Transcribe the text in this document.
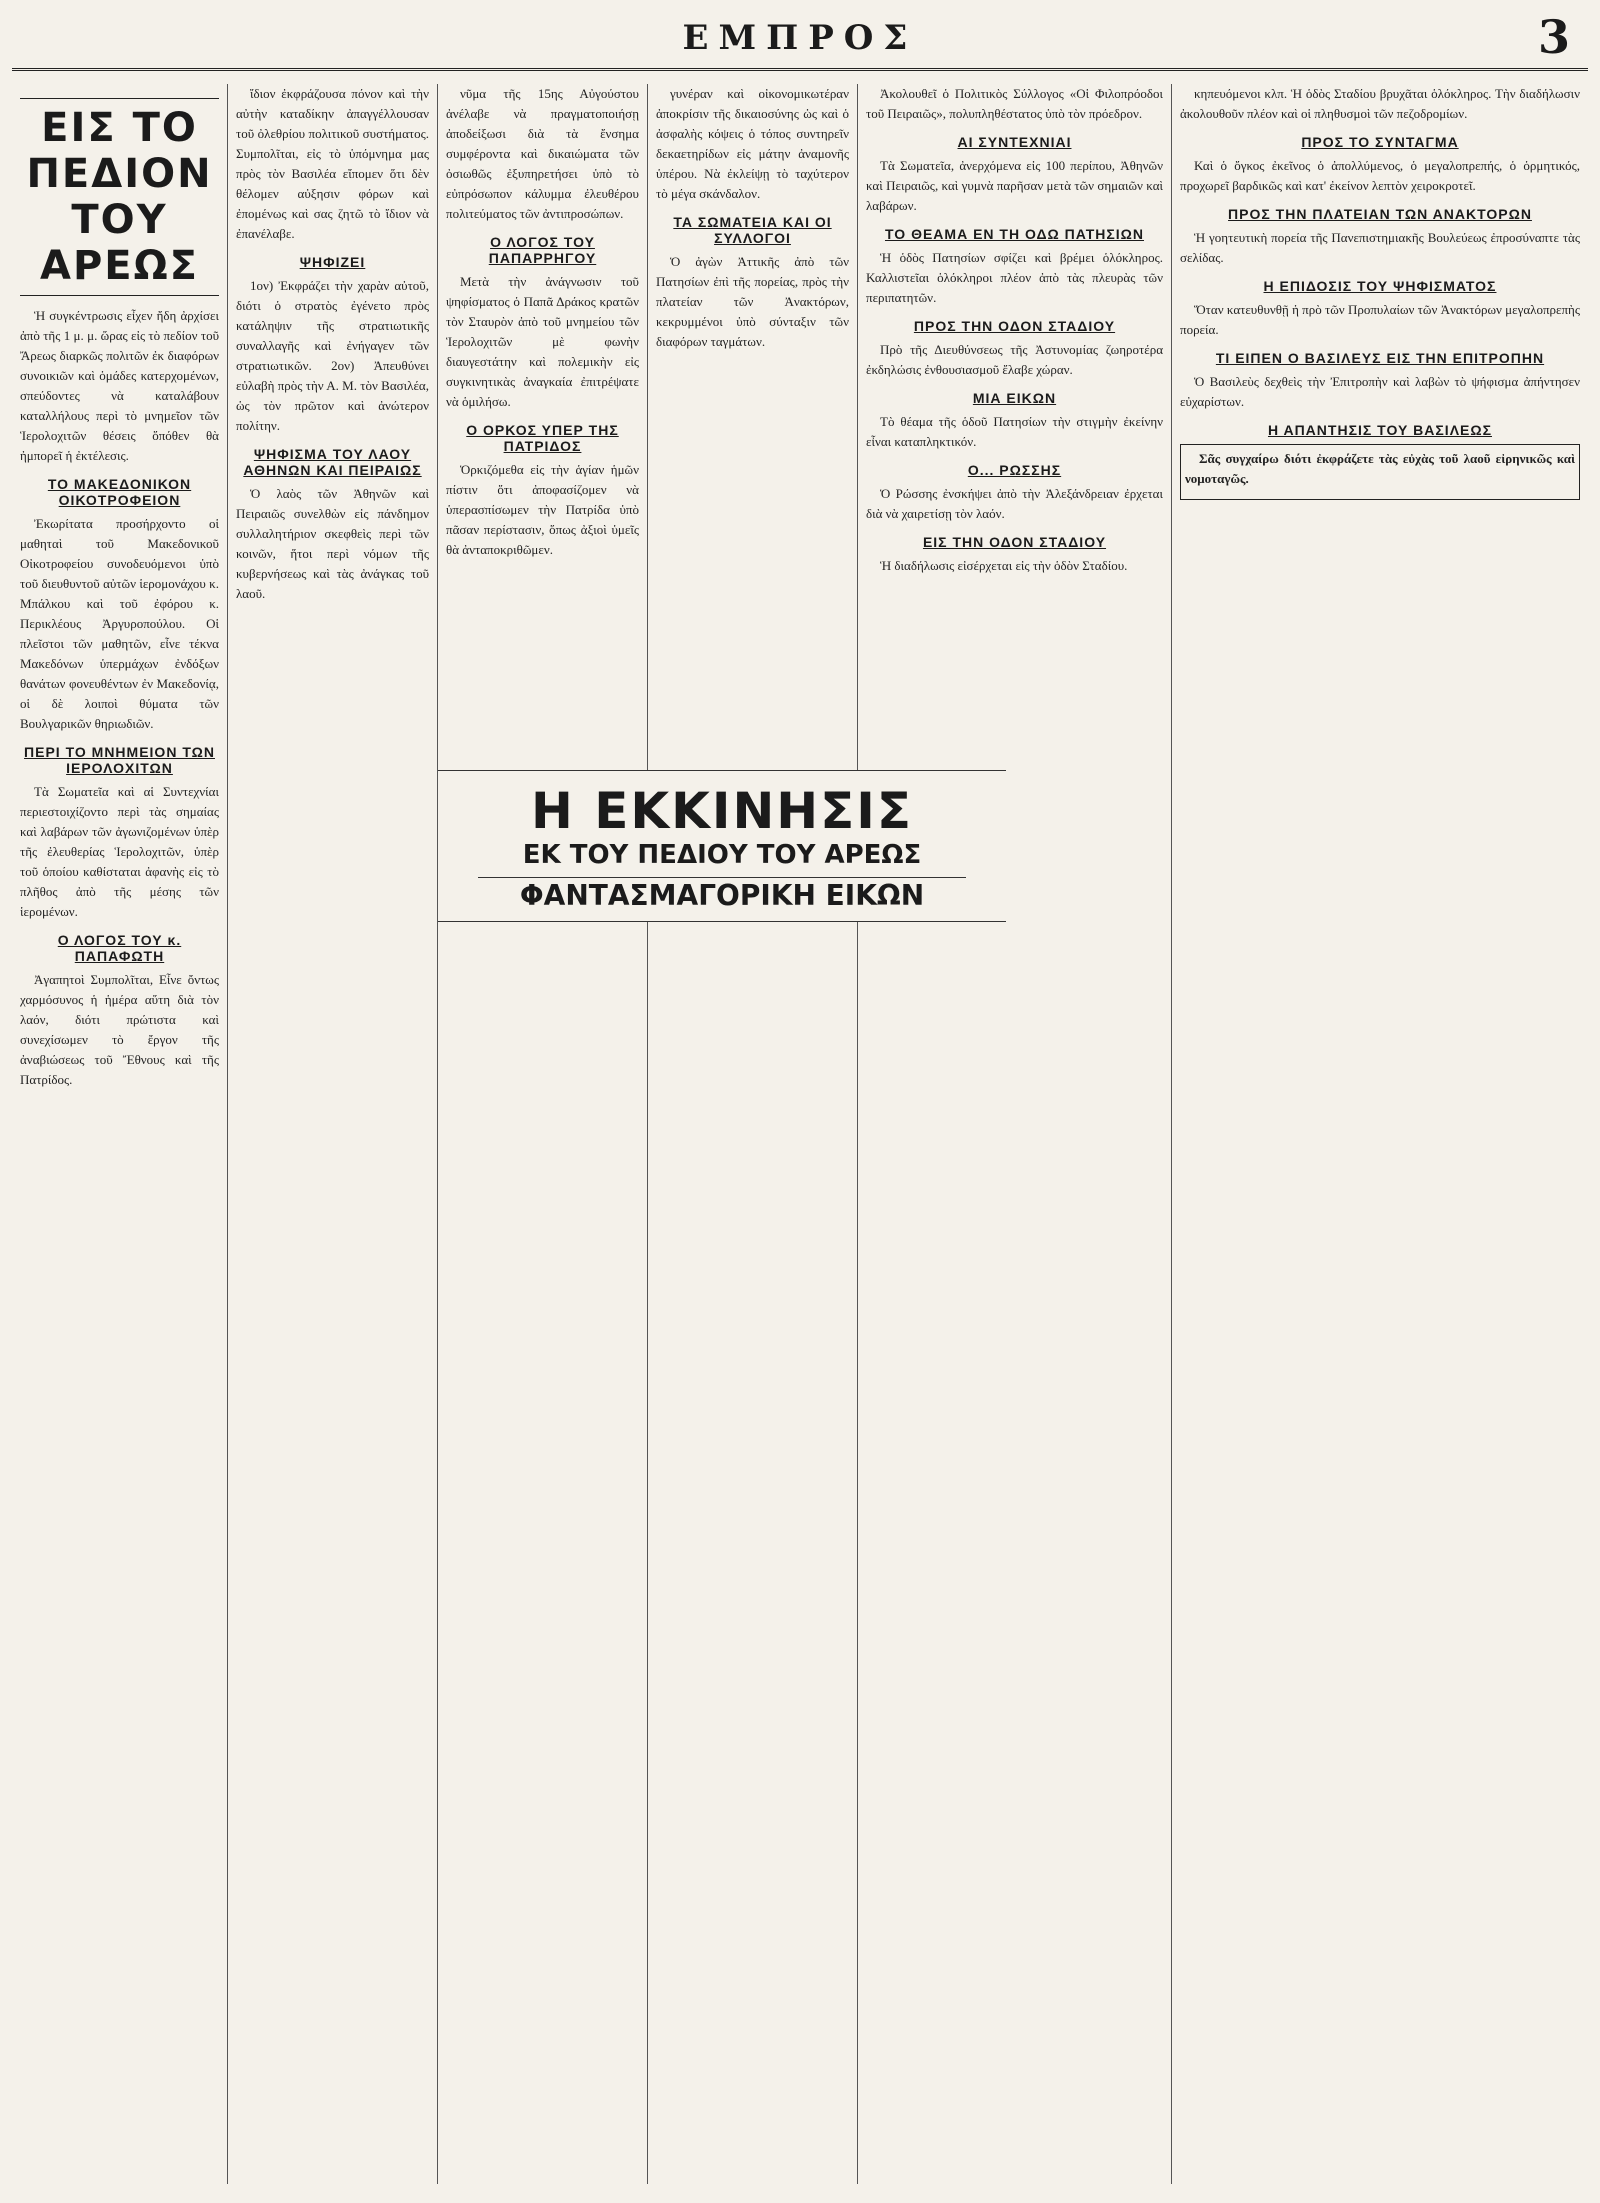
ΕΜΠΡΟΣ	3
ΕΙΣ ΤΟ ΠΕΔΙΟΝ ΤΟΥ ΑΡΕΩΣ

Ἡ συγκέντρωσις εἶχεν ἤδη ἀρχίσει ἀπὸ τῆς 1 μ. μ. ὥρας εἰς τὸ πεδίον τοῦ Ἄρεως διαρκῶς πολιτῶν ἐκ διαφόρων συνοικιῶν καὶ ὁμάδες κατερχομένων, σπεύδοντες νὰ καταλάβουν καταλλήλους περὶ τὸ μνημεῖον τῶν Ἱερολοχιτῶν θέσεις ὅπόθεν θὰ ἠμπορεῖ ἡ ἐκτέλεσις.

ΤΟ ΜΑΚΕΔΟΝΙΚΟΝ ΟΙΚΟΤΡΟΦΕΙΟΝ

Ἐκωρίτατα προσήρχοντο οἱ μαθηταὶ τοῦ Μακεδονικοῦ Οἰκοτροφείου συνοδευόμενοι ὑπὸ τοῦ διευθυντοῦ αὐτῶν ἱερομονάχου κ. Μπάλκου καὶ τοῦ ἐφόρου κ. Περικλέους Ἀργυροπούλου. Οἱ πλεῖστοι τῶν μαθητῶν, εἶνε τέκνα Μακεδόνων ὑπερμάχων ἐνδόξων θανάτων φονευθέντων ἐν Μακεδονίᾳ, οἱ δὲ λοιποὶ θύματα τῶν Βουλγαρικῶν θηριωδιῶν.

ΠΕΡΙ ΤΟ ΜΝΗΜΕΙΟΝ ΤΩΝ ΙΕΡΟΛΟΧΙΤΩΝ

Τὰ Σωματεῖα καὶ αἱ Συντεχνίαι περιεστοιχίζοντο περὶ τὰς σημαίας καὶ λαβάρων τῶν ἀγωνιζομένων ὑπὲρ τῆς ἐλευθερίας Ἱερολοχιτῶν, ὑπὲρ τοῦ ὁποίου καθίσταται ἀφανὴς εἰς τὸ πλῆθος ἀπὸ τῆς μέσης τῶν ἱερομένων.

Ο ΛΟΓΟΣ ΤΟΥ κ. ΠΑΠΑΦΩΤΗ

Ἀγαπητοὶ Συμπολῖται, Εἶνε ὄντως χαρμόσυνος ἡ ἡμέρα αὕτη διὰ τὸν λαόν, διότι πρώτιστα καὶ συνεχίσωμεν τὸ ἔργον τῆς ἀναβιώσεως τοῦ Ἔθνους καὶ τῆς Πατρίδος.

ἴδιον ἐκφράζουσα πόνον καὶ τὴν αὐτὴν καταδίκην ἀπαγγέλλουσαν τοῦ ὀλεθρίου πολιτικοῦ συστήματος. Συμπολῖται, εἰς τὸ ὑπόμνημα μας πρὸς τὸν Βασιλέα εἴπομεν ὅτι δὲν θέλομεν αὐξησιν φόρων καὶ ἐπομένως καὶ σας ζητῶ τὸ ἴδιον νὰ ἐπανέλαβε.

ΨΗΦΙΖΕΙ

1ον) Ἐκφράζει τὴν χαρὰν αὐτοῦ, διότι ὁ στρατὸς ἐγένετο πρὸς κατάληψιν τῆς στρατιωτικῆς συναλλαγῆς καὶ ἐνήγαγεν τῶν στρατιωτικῶν. 2ον) Ἀπευθύνει εὐλαβὴ πρὸς τὴν Α. Μ. τὸν Βασιλέα, ὡς τὸν πρῶτον καὶ ἀνώτερον πολίτην.

ΨΗΦΙΣΜΑ ΤΟΥ ΛΑΟΥ ΑΘΗΝΩΝ ΚΑΙ ΠΕΙΡΑΙΩΣ

Ὁ λαὸς τῶν Ἀθηνῶν καὶ Πειραιῶς συνελθὼν εἰς πάνδημον συλλαλητήριον σκεφθεὶς περὶ τῶν κοινῶν, ἥτοι περὶ νόμων τῆς κυβερνήσεως καὶ τὰς ἀνάγκας τοῦ λαοῦ.

νῦμα τῆς 15ης Αὐγούστου ἀνέλαβε νὰ πραγματοποιήσῃ ἀποδείξωσι διὰ τὰ ἔνσημα συμφέροντα καὶ δικαιώματα τῶν ὀσιωθῶς ἐξυπηρετήσει ὑπὸ τὸ εὐπρόσωπον κάλυμμα ἐλευθέρου πολιτεύματος τῶν ἀντιπροσώπων.

Ο ΛΟΓΟΣ ΤΟΥ ΠΑΠΑΡΡΗΓΟΥ

Μετὰ τὴν ἀνάγνωσιν τοῦ ψηφίσματος ὁ Παπᾶ Δράκος κρατῶν τὸν Σταυρὸν ἀπὸ τοῦ μνημείου τῶν Ἱερολοχιτῶν μὲ φωνὴν διαυγεστάτην καὶ πολεμικὴν εἰς συγκινητικὰς ἀναγκαία ἐπιτρέψατε νὰ ὁμιλήσω.

Ο ΟΡΚΟΣ ΥΠΕΡ ΤΗΣ ΠΑΤΡΙΔΟΣ

Ὁρκιζόμεθα εἰς τὴν ἁγίαν ἡμῶν πίστιν ὅτι ἀποφασίζομεν νὰ ὑπερασπίσωμεν τὴν Πατρίδα ὑπὸ πᾶσαν περίστασιν, ὅπως ἀξιοὶ ὑμεῖς θὰ ἀνταποκριθῶμεν.

γυνέραν καὶ οἰκονομικωτέραν ἀποκρίσιν τῆς δικαιοσύνης ὡς καὶ ὁ ἀσφαλὴς κόψεις ὁ τόπος συντηρεῖν δεκαετηρίδων εἰς μάτην ἀναμονῆς ὑπέρου. Νὰ ἐκλείψῃ τὸ ταχύτερον τὸ μέγα σκάνδαλον.

ΤΑ ΣΩΜΑΤΕΙΑ ΚΑΙ ΟΙ ΣΥΛΛΟΓΟΙ

Ὁ ἀγὼν Ἀττικῆς ἀπὸ τῶν Πατησίων ἐπὶ τῆς πορείας, πρὸς τὴν πλατείαν τῶν Ἀνακτόρων, κεκρυμμένοι ὑπὸ σύνταξιν τῶν διαφόρων ταγμάτων.

Ἀκολουθεῖ ὁ Πολιτικὸς Σύλλογος «Οἱ Φιλοπρόοδοι τοῦ Πειραιῶς», πολυπληθέστατος ὑπὸ τὸν πρόεδρον.

ΑΙ ΣΥΝΤΕΧΝΙΑΙ

Τὰ Σωματεῖα, ἀνερχόμενα εἰς 100 περίπου, Ἀθηνῶν καὶ Πειραιῶς, καὶ γυμνὰ παρῆσαν μετὰ τῶν σημαιῶν καὶ λαβάρων.

ΤΟ ΘΕΑΜΑ ΕΝ ΤΗ ΟΔΩ ΠΑΤΗΣΙΩΝ

Ἡ ὁδὸς Πατησίων σφίζει καὶ βρέμει ὁλόκληρος. Καλλιστεῖαι ὁλόκληροι πλέον ἀπὸ τὰς πλευρὰς τῶν περιπατητῶν.

ΠΡΟΣ ΤΗΝ ΟΔΟΝ ΣΤΑΔΙΟΥ

Πρὸ τῆς Διευθύνσεως τῆς Ἀστυνομίας ζωηροτέρα ἐκδηλώσις ἐνθουσιασμοῦ ἔλαβε χώραν.

ΜΙΑ ΕΙΚΩΝ

Τὸ θέαμα τῆς ὁδοῦ Πατησίων τὴν στιγμὴν ἐκείνην εἶναι καταπληκτικόν.

Ο... ΡΩΣΣΗΣ

Ὁ Ρώσσης ἐνσκήψει ἀπὸ τὴν Ἀλεξάνδρειαν ἐρχεται διὰ νὰ χαιρετίσῃ τὸν λαόν.

ΕΙΣ ΤΗΝ ΟΔΟΝ ΣΤΑΔΙΟΥ

Ἡ διαδήλωσις εἰσέρχεται εἰς τὴν ὁδὸν Σταδίου.

κηπευόμενοι κλπ. Ἡ ὁδὸς Σταδίου βρυχᾶται ὁλόκληρος. Τὴν διαδήλωσιν ἀκολουθοῦν πλέον καὶ οἱ πληθυσμοὶ τῶν πεζοδρομίων.

ΠΡΟΣ ΤΟ ΣΥΝΤΑΓΜΑ

Καὶ ὁ ὄγκος ἐκεῖνος ὁ ἀπολλύμενος, ὁ μεγαλοπρεπής, ὁ ὁρμητικός, προχωρεῖ βαρδικῶς καὶ κατ' ἐκείνον λεπτὸν χειροκροτεῖ.

ΠΡΟΣ ΤΗΝ ΠΛΑΤΕΙΑΝ ΤΩΝ ΑΝΑΚΤΟΡΩΝ

Ἡ γοητευτικὴ πορεία τῆς Πανεπιστημιακῆς Βουλεύεως ἐπροσύναπτε τὰς σελίδας.

Η ΕΠΙΔΟΣΙΣ ΤΟΥ ΨΗΦΙΣΜΑΤΟΣ

Ὅταν κατευθυνθῇ ἡ πρὸ τῶν Προπυλαίων τῶν Ἀνακτόρων μεγαλοπρεπὴς πορεία.

ΤΙ ΕΙΠΕΝ Ο ΒΑΣΙΛΕΥΣ ΕΙΣ ΤΗΝ ΕΠΙΤΡΟΠΗΝ

Ὁ Βασιλεὺς δεχθεὶς τὴν Ἐπιτροπὴν καὶ λαβὼν τὸ ψήφισμα ἀπήντησεν εὐχαρίστων.

Η ΑΠΑΝΤΗΣΙΣ ΤΟΥ ΒΑΣΙΛΕΩΣ

Σᾶς συγχαίρω διότι ἐκφράζετε τὰς εὐχὰς τοῦ λαοῦ εἰρηνικῶς καὶ νομοταγῶς.

Η ΕΚΚΙΝΗΣΙΣ
ΕΚ ΤΟΥ ΠΕΔΙΟΥ ΤΟΥ ΑΡΕΩΣ
ΦΑΝΤΑΣΜΑΓΟΡΙΚΗ ΕΙΚΩΝ
